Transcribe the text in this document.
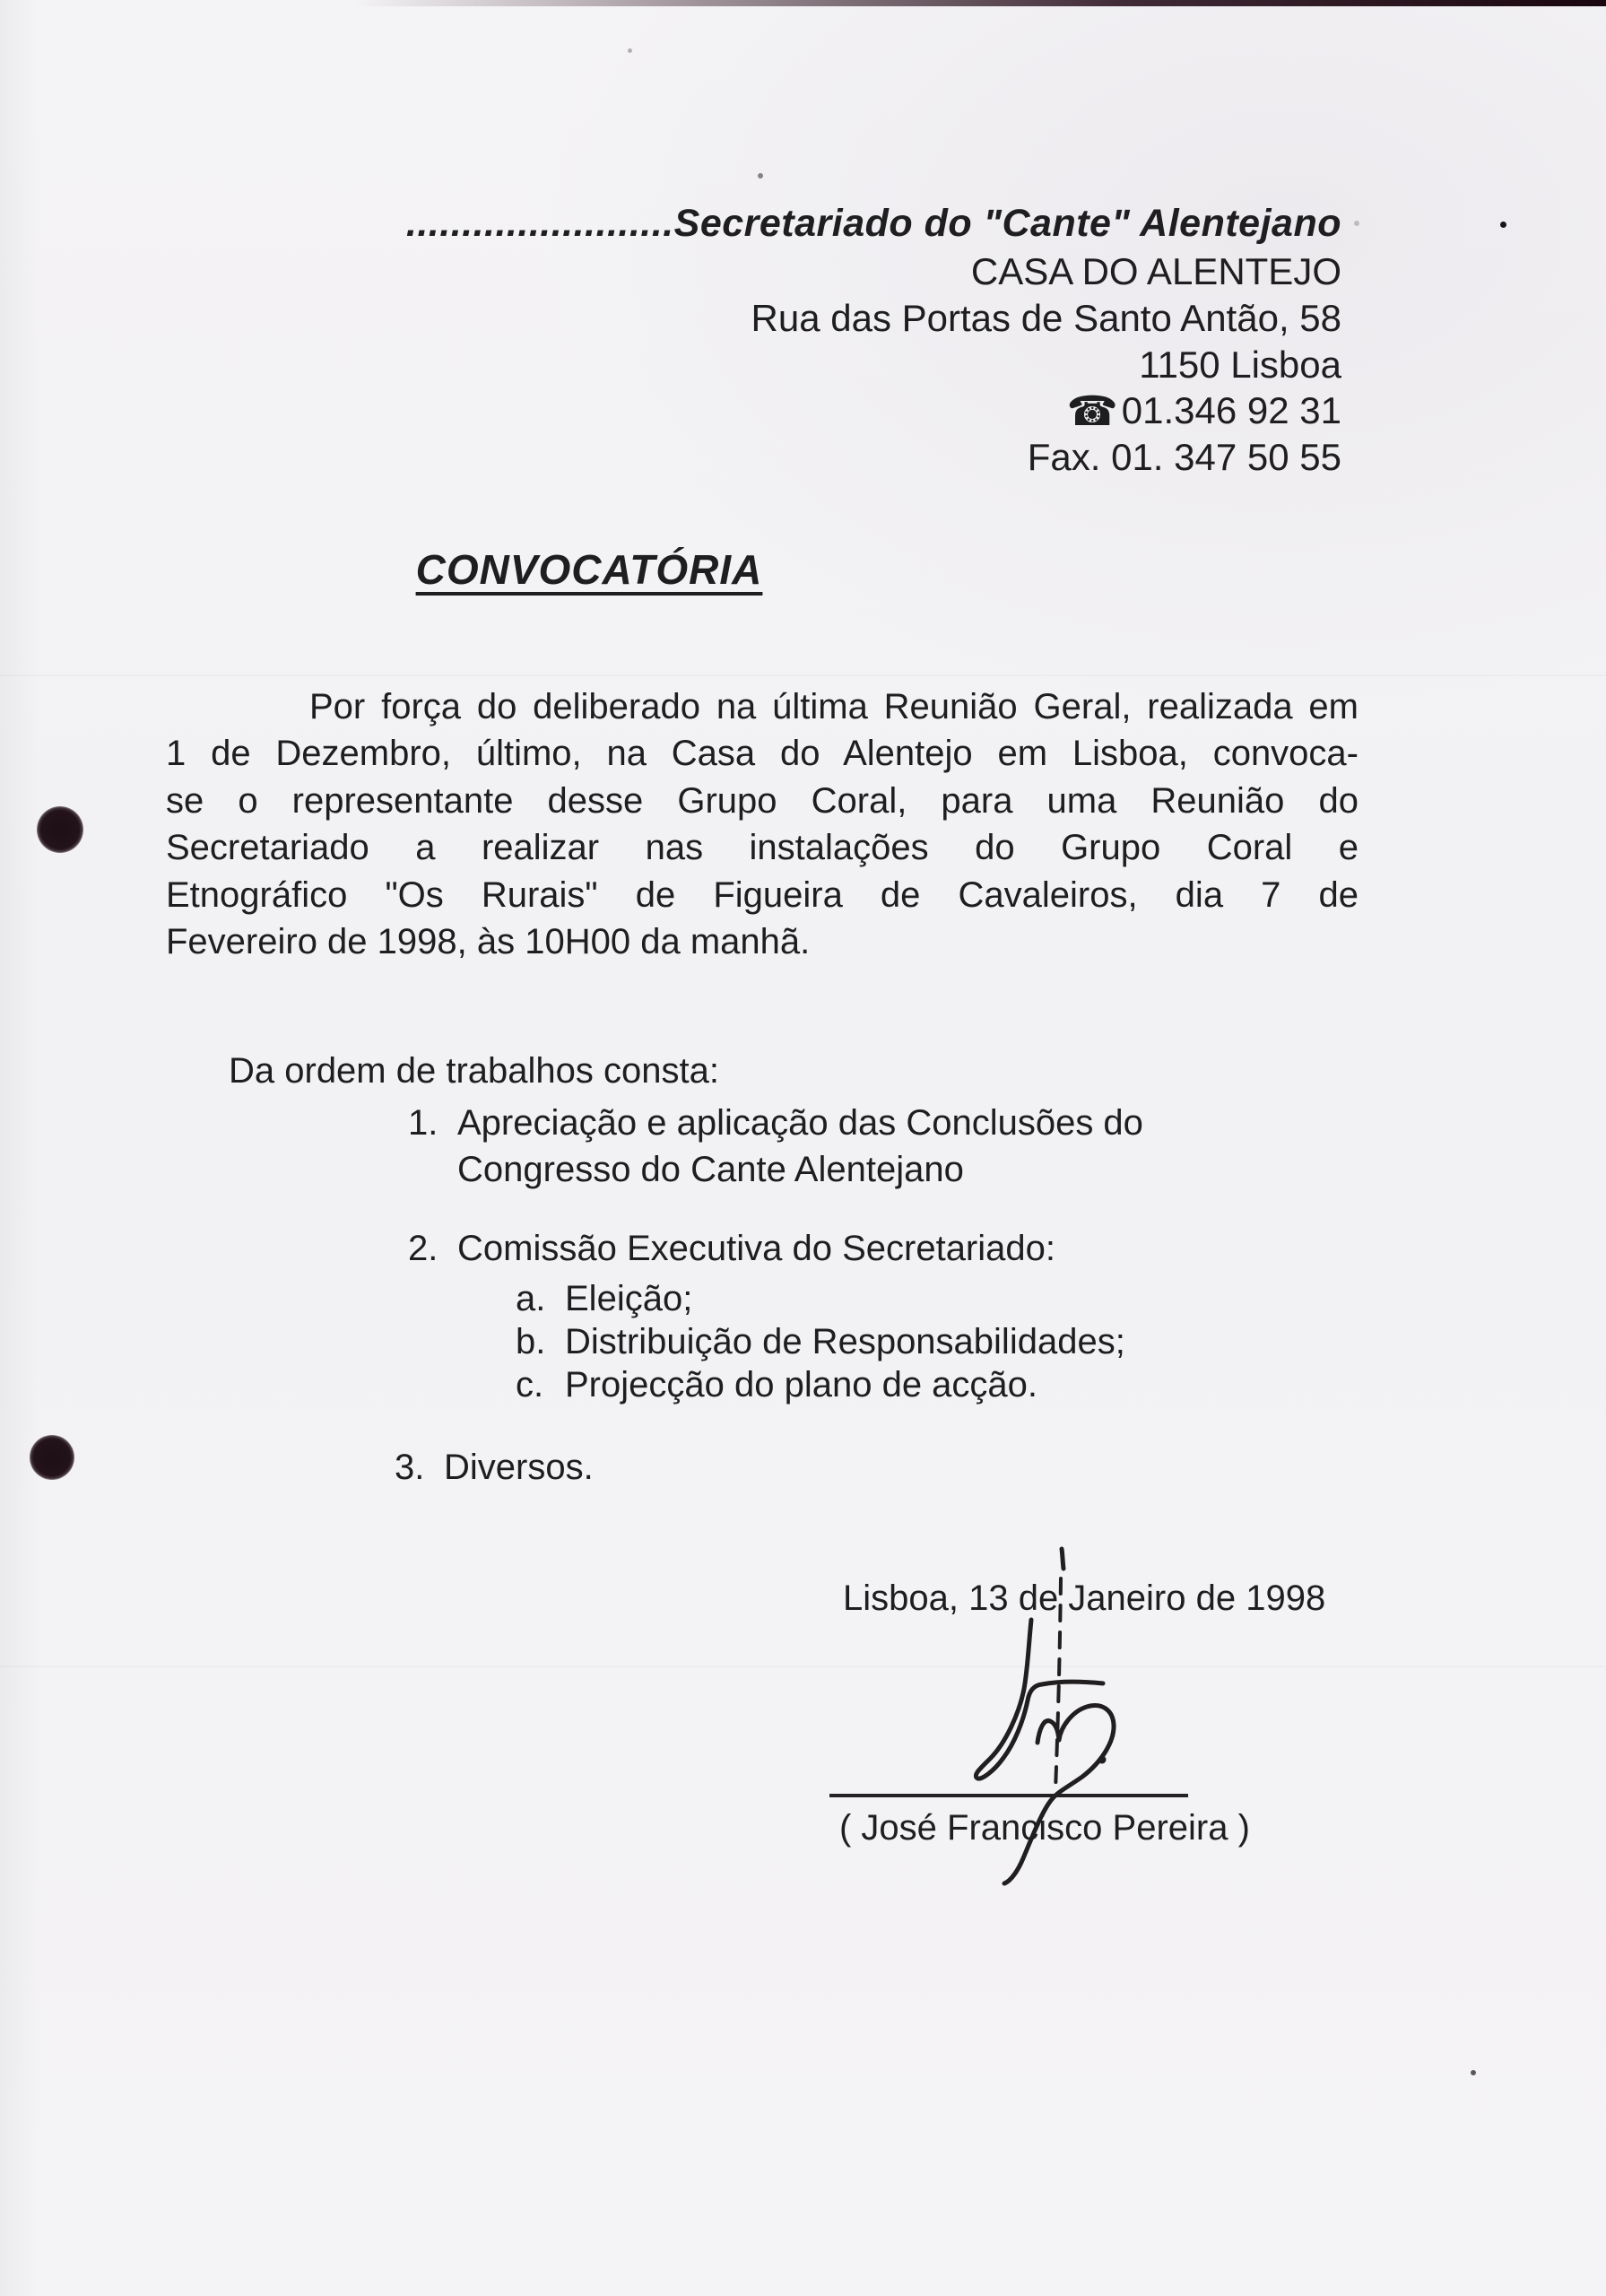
........................Secretariado do "Cante" Alentejano
CASA DO ALENTEJO
Rua das Portas de Santo Antão, 58
1150 Lisboa
☎01.346 92 31
Fax. 01. 347 50 55
CONVOCATÓRIA
Por força do deliberado na última Reunião Geral, realizada em
1 de Dezembro, último, na Casa do Alentejo em Lisboa, convoca-
se o representante desse Grupo Coral, para uma Reunião do
Secretariado a realizar nas instalações do Grupo Coral e
Etnográfico "Os Rurais" de Figueira de Cavaleiros, dia 7 de
Fevereiro de 1998, às 10H00 da manhã.
Da ordem de trabalhos consta:
1. Apreciação e aplicação das Conclusões do
Congresso do Cante Alentejano
2. Comissão Executiva do Secretariado:
a. Eleição;
b. Distribuição de Responsabilidades;
c. Projecção do plano de acção.
3. Diversos.
Lisboa, 13 de Janeiro de 1998
( José Francisco Pereira )
